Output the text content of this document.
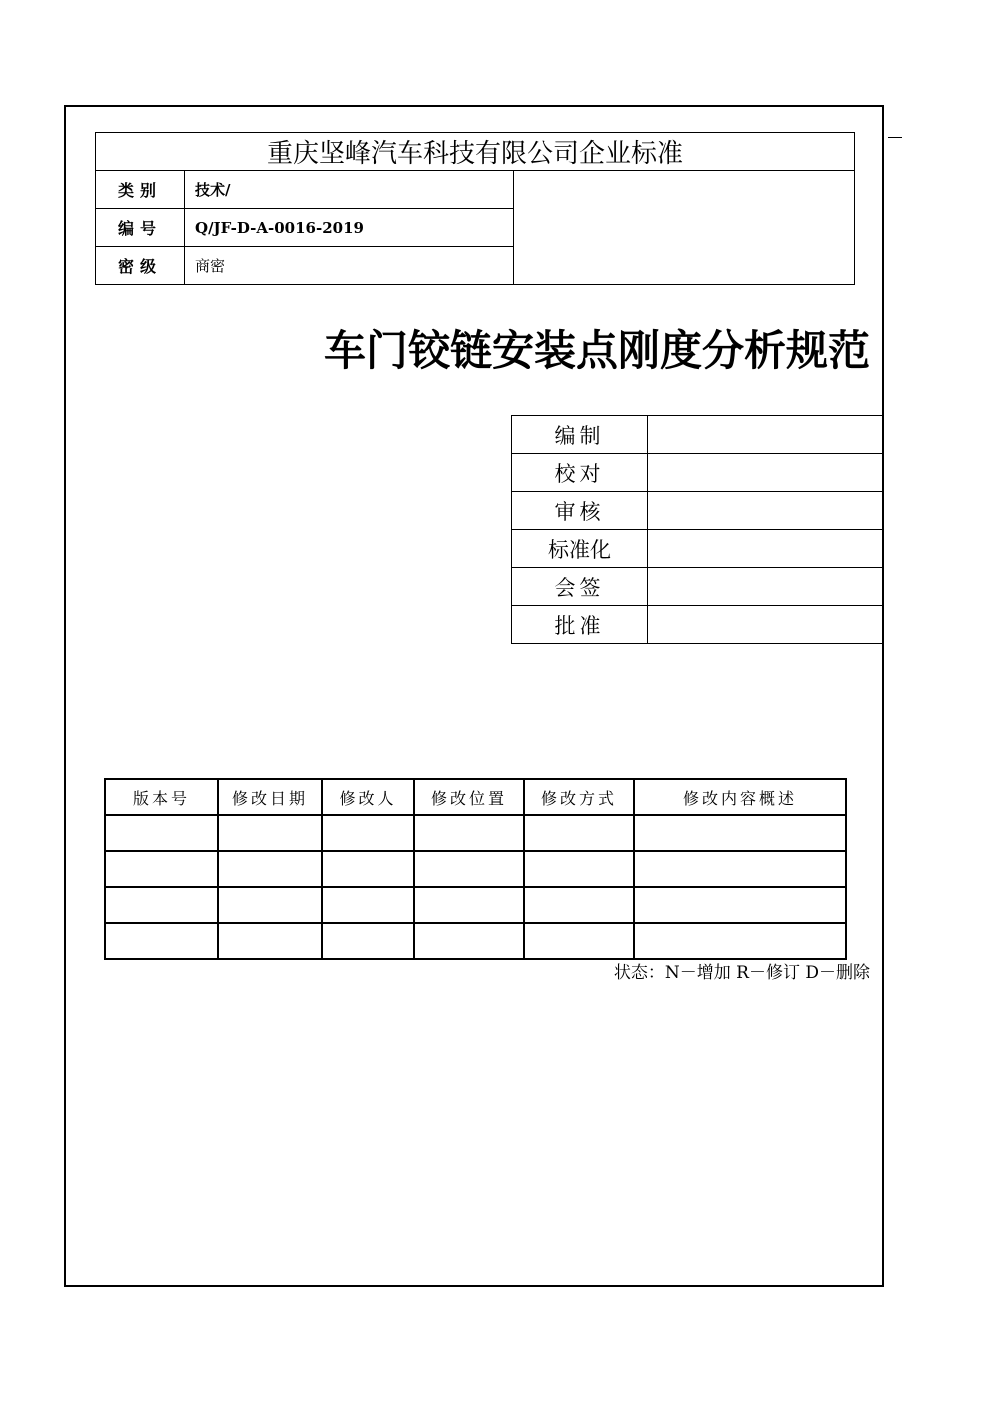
重庆坚峰汽车科技有限公司企业标准		
类别	技术/	
编号	Q/JF-D-A-0016-2019	
密级	商密	
车门铰链安装点刚度分析规范
编制	
校对	
审核	
标准化	
会签	
批准	
版本号	修改日期	修改人	修改位置	修改方式	修改内容概述

状态：N－增加 R－修订 D－删除
